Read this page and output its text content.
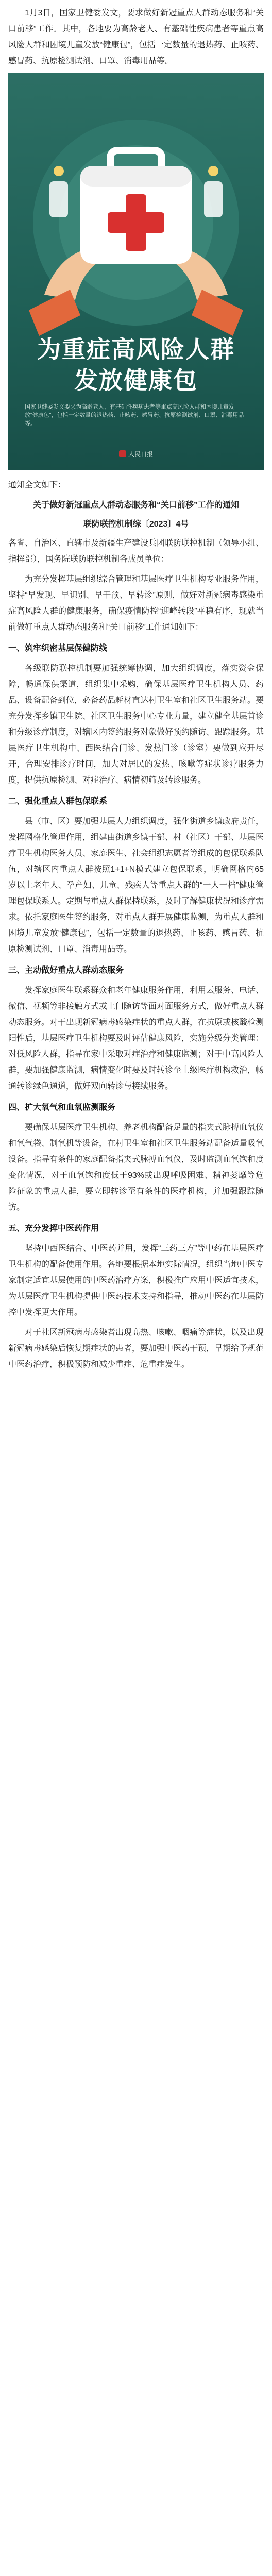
1月3日，国家卫健委发文，要求做好新冠重点人群动态服务和“关口前移”工作。其中，各地要为高龄老人、有基础性疾病患者等重点高风险人群和困境儿童发放“健康包”，包括一定数量的退热药、止咳药、感冒药、抗原检测试剂、口罩、消毒用品等。

为重症高风险人群
发放健康包
国家卫健委发文要求为高龄老人、有基础性疾病患者等重点高风险人群和困境儿童发放“健康包”，包括一定数量的退热药、止咳药、感冒药、抗原检测试剂、口罩、消毒用品等。
人民日报

通知全文如下：

关于做好新冠重点人群动态服务和“关口前移”工作的通知
联防联控机制综〔2023〕4号

各省、自治区、直辖市及新疆生产建设兵团联防联控机制（领导小组、指挥部），国务院联防联控机制各成员单位：

为充分发挥基层组织综合管理和基层医疗卫生机构专业服务作用，坚持“早发现、早识别、早干预、早转诊”原则，做好对新冠病毒感染重症高风险人群的健康服务，确保疫情防控“迎峰转段”平稳有序，现就当前做好重点人群动态服务和“关口前移”工作通知如下：

一、筑牢织密基层保健防线

各级联防联控机制要加强统筹协调，加大组织调度，落实资金保障，畅通保供渠道，组织集中采购，确保基层医疗卫生机构人员、药品、设备配备到位，必备药品耗材直达村卫生室和社区卫生服务站。要充分发挥乡镇卫生院、社区卫生服务中心专业力量，建立健全基层首诊和分级诊疗制度，对辖区内签约服务对象做好预约随访、跟踪服务。基层医疗卫生机构中、西医结合门诊、发热门诊（诊室）要做到应开尽开，合理安排诊疗时间，加大对居民的发热、咳嗽等症状诊疗服务力度，提供抗原检测、对症治疗、病情初筛及转诊服务。

二、强化重点人群包保联系

县（市、区）要加强基层人力组织调度，强化街道乡镇政府责任，发挥网格化管理作用，组建由街道乡镇干部、村（社区）干部、基层医疗卫生机构医务人员、家庭医生、社会组织志愿者等组成的包保联系队伍，对辖区内重点人群按照1+1+N模式建立包保联系，明确网格内65岁以上老年人、孕产妇、儿童、残疾人等重点人群的“一人一档”健康管理包保联系人。定期与重点人群保持联系，及时了解健康状况和诊疗需求。依托家庭医生签约服务，对重点人群开展健康监测，为重点人群和困境儿童发放“健康包”，包括一定数量的退热药、止咳药、感冒药、抗原检测试剂、口罩、消毒用品等。

三、主动做好重点人群动态服务

发挥家庭医生联系群众和老年健康服务作用，利用云服务、电话、微信、视频等非接触方式或上门随访等面对面服务方式，做好重点人群动态服务。对于出现新冠病毒感染症状的重点人群，在抗原或核酸检测阳性后，基层医疗卫生机构要及时评估健康风险，实施分级分类管理：对低风险人群，指导在家中采取对症治疗和健康监测；对于中高风险人群，要加强健康监测，病情变化时要及时转诊至上级医疗机构救治，畅通转诊绿色通道，做好双向转诊与接续服务。

四、扩大氧气和血氧监测服务

要确保基层医疗卫生机构、养老机构配备足量的指夹式脉搏血氧仪和氧气袋、制氧机等设备，在村卫生室和社区卫生服务站配备适量吸氧设备。指导有条件的家庭配备指夹式脉搏血氧仪，及时监测血氧饱和度变化情况，对于血氧饱和度低于93%或出现呼吸困难、精神萎靡等危险征象的重点人群，要立即转诊至有条件的医疗机构，并加强跟踪随访。

五、充分发挥中医药作用

坚持中西医结合、中医药并用，发挥“三药三方”等中药在基层医疗卫生机构的配备使用作用。各地要根据本地实际情况，组织当地中医专家制定适宜基层使用的中医药治疗方案，积极推广应用中医适宜技术，为基层医疗卫生机构提供中医药技术支持和指导，推动中医药在基层防控中发挥更大作用。

对于社区新冠病毒感染者出现高热、咳嗽、咽痛等症状，以及出现新冠病毒感染后恢复期症状的患者，要加强中医药干预，早期给予规范中医药治疗，积极预防和减少重症、危重症发生。
